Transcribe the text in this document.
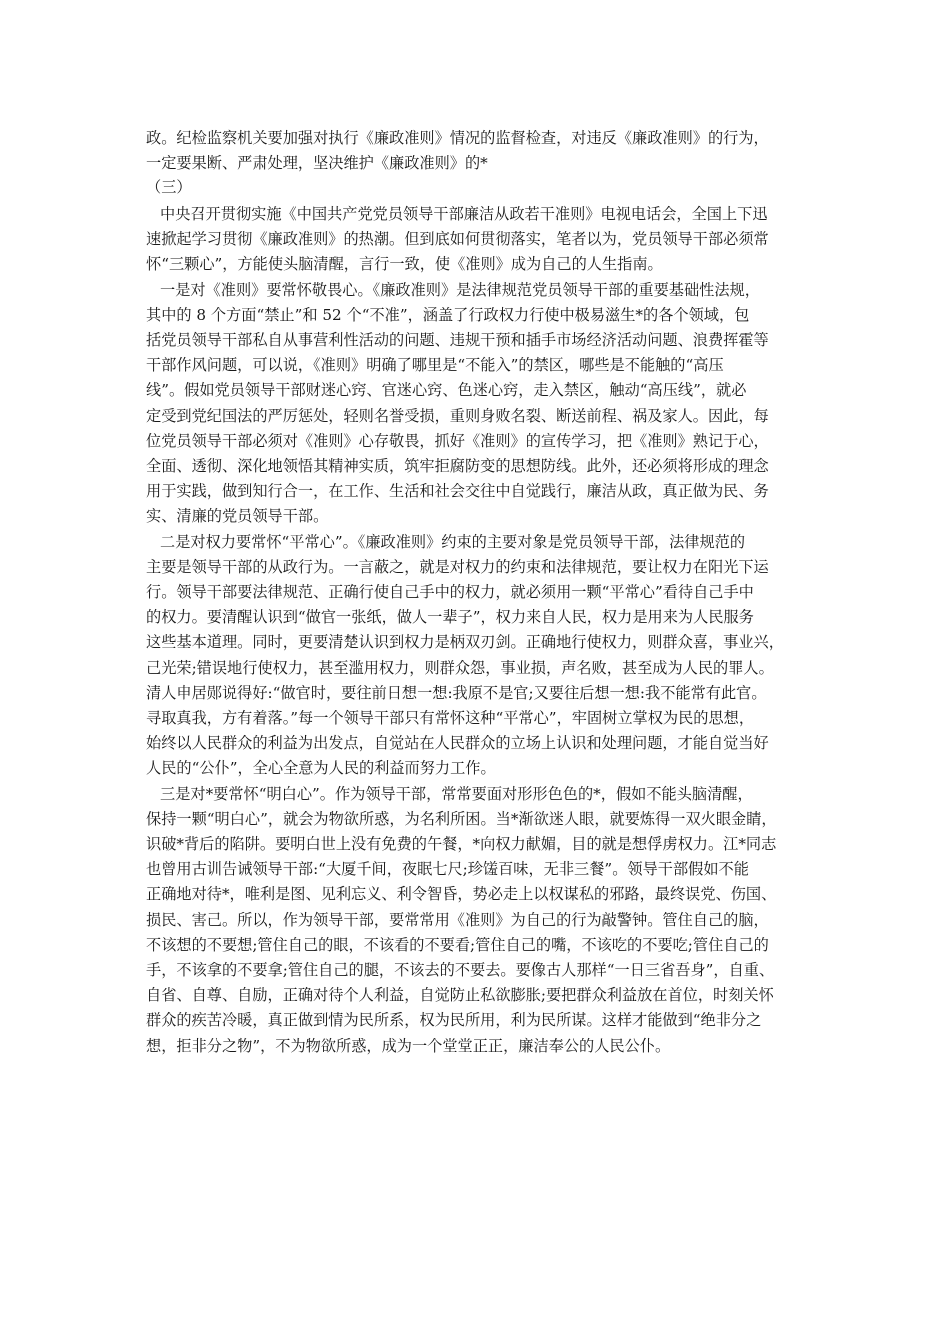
政。纪检监察机关要加强对执行《廉政准则》情况的监督检查，对违反《廉政准则》的行为，

一定要果断、严肃处理，坚决维护《廉政准则》的*

（三）

中央召开贯彻实施《中国共产党党员领导干部廉洁从政若干准则》电视电话会，全国上下迅

速掀起学习贯彻《廉政准则》的热潮。但到底如何贯彻落实，笔者以为，党员领导干部必须常

怀“三颗心”，方能使头脑清醒，言行一致，使《准则》成为自己的人生指南。

一是对《准则》要常怀敬畏心。《廉政准则》是法律规范党员领导干部的重要基础性法规，

其中的 8 个方面“禁止”和 52 个“不准”，涵盖了行政权力行使中极易滋生*的各个领域，包

括党员领导干部私自从事营利性活动的问题、违规干预和插手市场经济活动问题、浪费挥霍等

干部作风问题，可以说，《准则》明确了哪里是“不能入”的禁区，哪些是不能触的“高压

线”。假如党员领导干部财迷心窍、官迷心窍、色迷心窍，走入禁区，触动“高压线”，就必

定受到党纪国法的严厉惩处，轻则名誉受损，重则身败名裂、断送前程、祸及家人。因此，每

位党员领导干部必须对《准则》心存敬畏，抓好《准则》的宣传学习，把《准则》熟记于心，

全面、透彻、深化地领悟其精神实质，筑牢拒腐防变的思想防线。此外，还必须将形成的理念

用于实践，做到知行合一，在工作、生活和社会交往中自觉践行，廉洁从政，真正做为民、务

实、清廉的党员领导干部。

二是对权力要常怀“平常心”。《廉政准则》约束的主要对象是党员领导干部，法律规范的

主要是领导干部的从政行为。一言蔽之，就是对权力的约束和法律规范，要让权力在阳光下运

行。领导干部要法律规范、正确行使自己手中的权力，就必须用一颗“平常心”看待自己手中

的权力。要清醒认识到“做官一张纸，做人一辈子”，权力来自人民，权力是用来为人民服务

这些基本道理。同时，更要清楚认识到权力是柄双刃剑。正确地行使权力，则群众喜，事业兴，

己光荣;错误地行使权力，甚至滥用权力，则群众怨，事业损，声名败，甚至成为人民的罪人。

清人申居郧说得好:“做官时，要往前日想一想:我原不是官;又要往后想一想:我不能常有此官。

寻取真我，方有着落。”每一个领导干部只有常怀这种“平常心”，牢固树立掌权为民的思想，

始终以人民群众的利益为出发点，自觉站在人民群众的立场上认识和处理问题，才能自觉当好

人民的“公仆”，全心全意为人民的利益而努力工作。

三是对*要常怀“明白心”。作为领导干部，常常要面对形形色色的*，假如不能头脑清醒，

保持一颗“明白心”，就会为物欲所惑，为名利所困。当*渐欲迷人眼，就要炼得一双火眼金睛，

识破*背后的陷阱。要明白世上没有免费的午餐，*向权力献媚，目的就是想俘虏权力。江*同志

也曾用古训告诫领导干部:“大厦千间，夜眠七尺;珍馐百味，无非三餐”。领导干部假如不能

正确地对待*，唯利是图、见利忘义、利令智昏，势必走上以权谋私的邪路，最终误党、伤国、

损民、害己。所以，作为领导干部，要常常用《准则》为自己的行为敲警钟。管住自己的脑，

不该想的不要想;管住自己的眼，不该看的不要看;管住自己的嘴，不该吃的不要吃;管住自己的

手，不该拿的不要拿;管住自己的腿，不该去的不要去。要像古人那样“一日三省吾身”，自重、

自省、自尊、自励，正确对待个人利益，自觉防止私欲膨胀;要把群众利益放在首位，时刻关怀

群众的疾苦冷暖，真正做到情为民所系，权为民所用，利为民所谋。这样才能做到“绝非分之

想，拒非分之物”，不为物欲所惑，成为一个堂堂正正，廉洁奉公的人民公仆。
